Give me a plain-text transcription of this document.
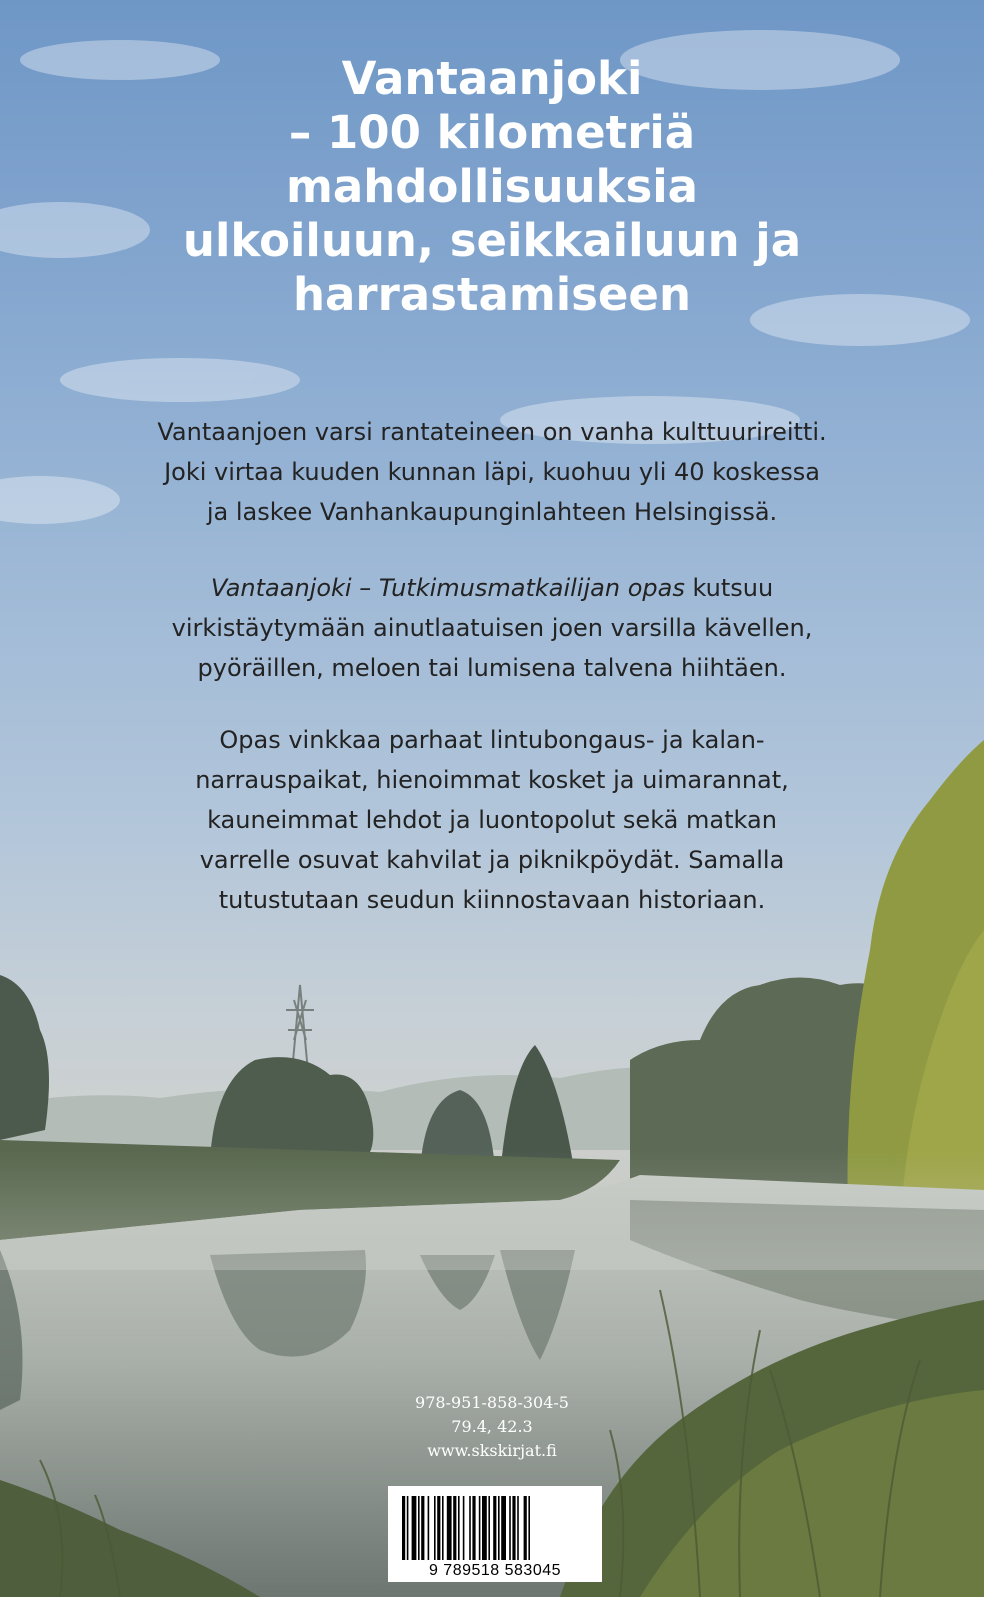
Vantaanjoki
– 100 kilometriä
mahdollisuuksia
ulkoiluun, seikkailuun ja
harrastamiseen
Vantaanjoen varsi rantateineen on vanha kulttuurireitti.
Joki virtaa kuuden kunnan läpi, kuohuu yli 40 koskessa
ja laskee Vanhankaupunginlahteen Helsingissä.
Vantaanjoki – Tutkimusmatkailijan opas kutsuu
virkistäytymään ainutlaatuisen joen varsilla kävellen,
pyöräillen, meloen tai lumisena talvena hiihtäen.
Opas vinkkaa parhaat lintubongaus- ja kalan-
narrauspaikat, hienoimmat kosket ja uimarannat,
kauneimmat lehdot ja luontopolut sekä matkan
varrelle osuvat kahvilat ja piknikpöydät. Samalla
tutustutaan seudun kiinnostavaan historiaan.
978-951-858-304-5
79.4, 42.3
www.skskirjat.fi
9 789518 583045
